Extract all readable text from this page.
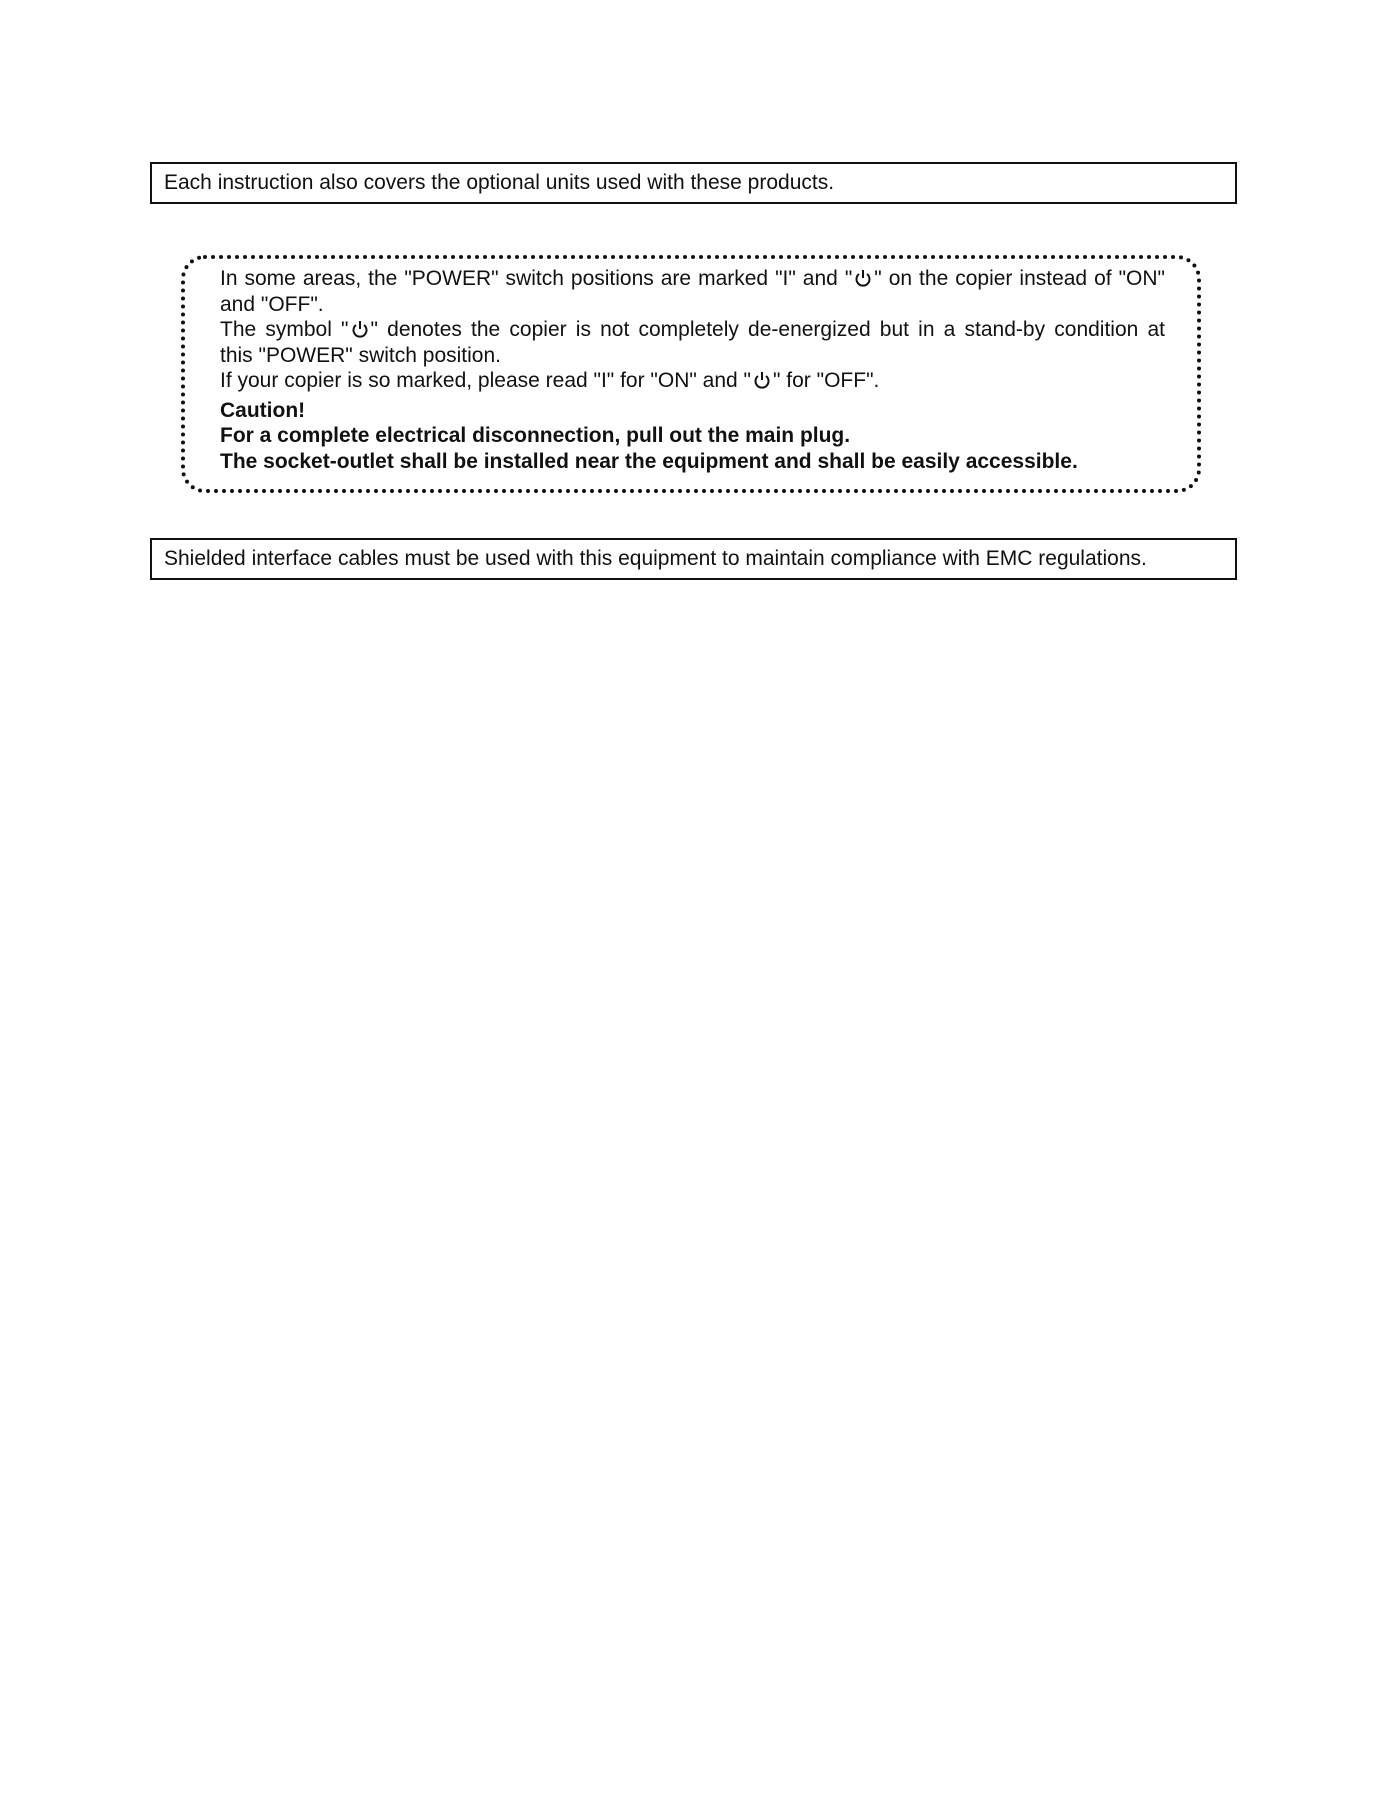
Each instruction also covers the optional units used with these products.

In some areas, the "POWER" switch positions are marked "I" and " " on the copier instead of "ON"

and "OFF".

The symbol " " denotes the copier is not completely de-energized but in a stand-by condition at

this "POWER" switch position.

If your copier is so marked, please read "I" for "ON" and " " for "OFF".

Caution!

For a complete electrical disconnection, pull out the main plug.

The socket-outlet shall be installed near the equipment and shall be easily accessible.

Shielded interface cables must be used with this equipment to maintain compliance with EMC regulations.
